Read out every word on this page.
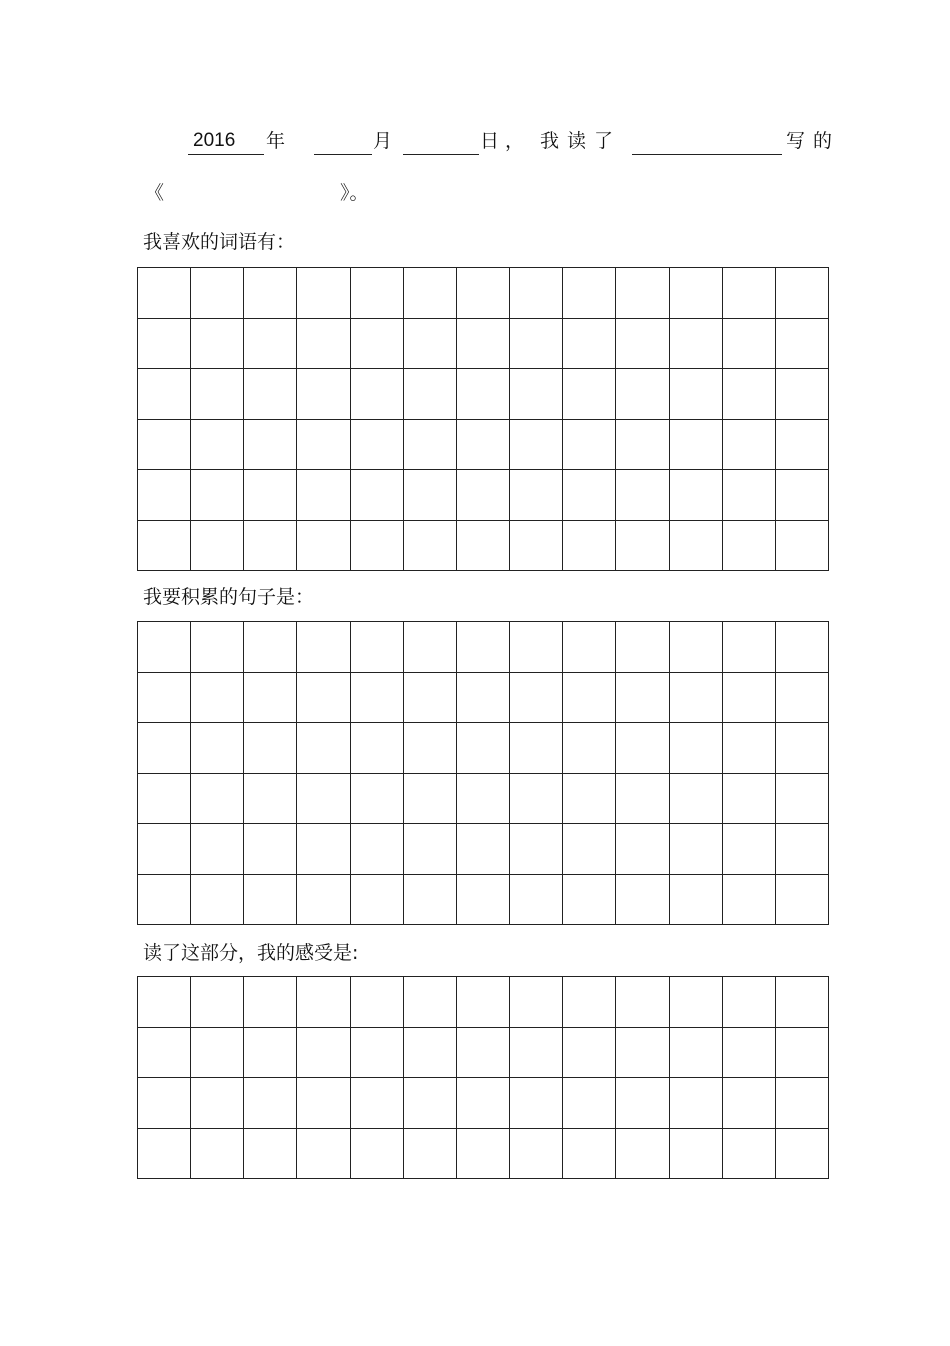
2016 年	月	日， 我读了	写的
《	》。
我喜欢的词语有：
我要积累的句子是：
读了这部分，我的感受是:
